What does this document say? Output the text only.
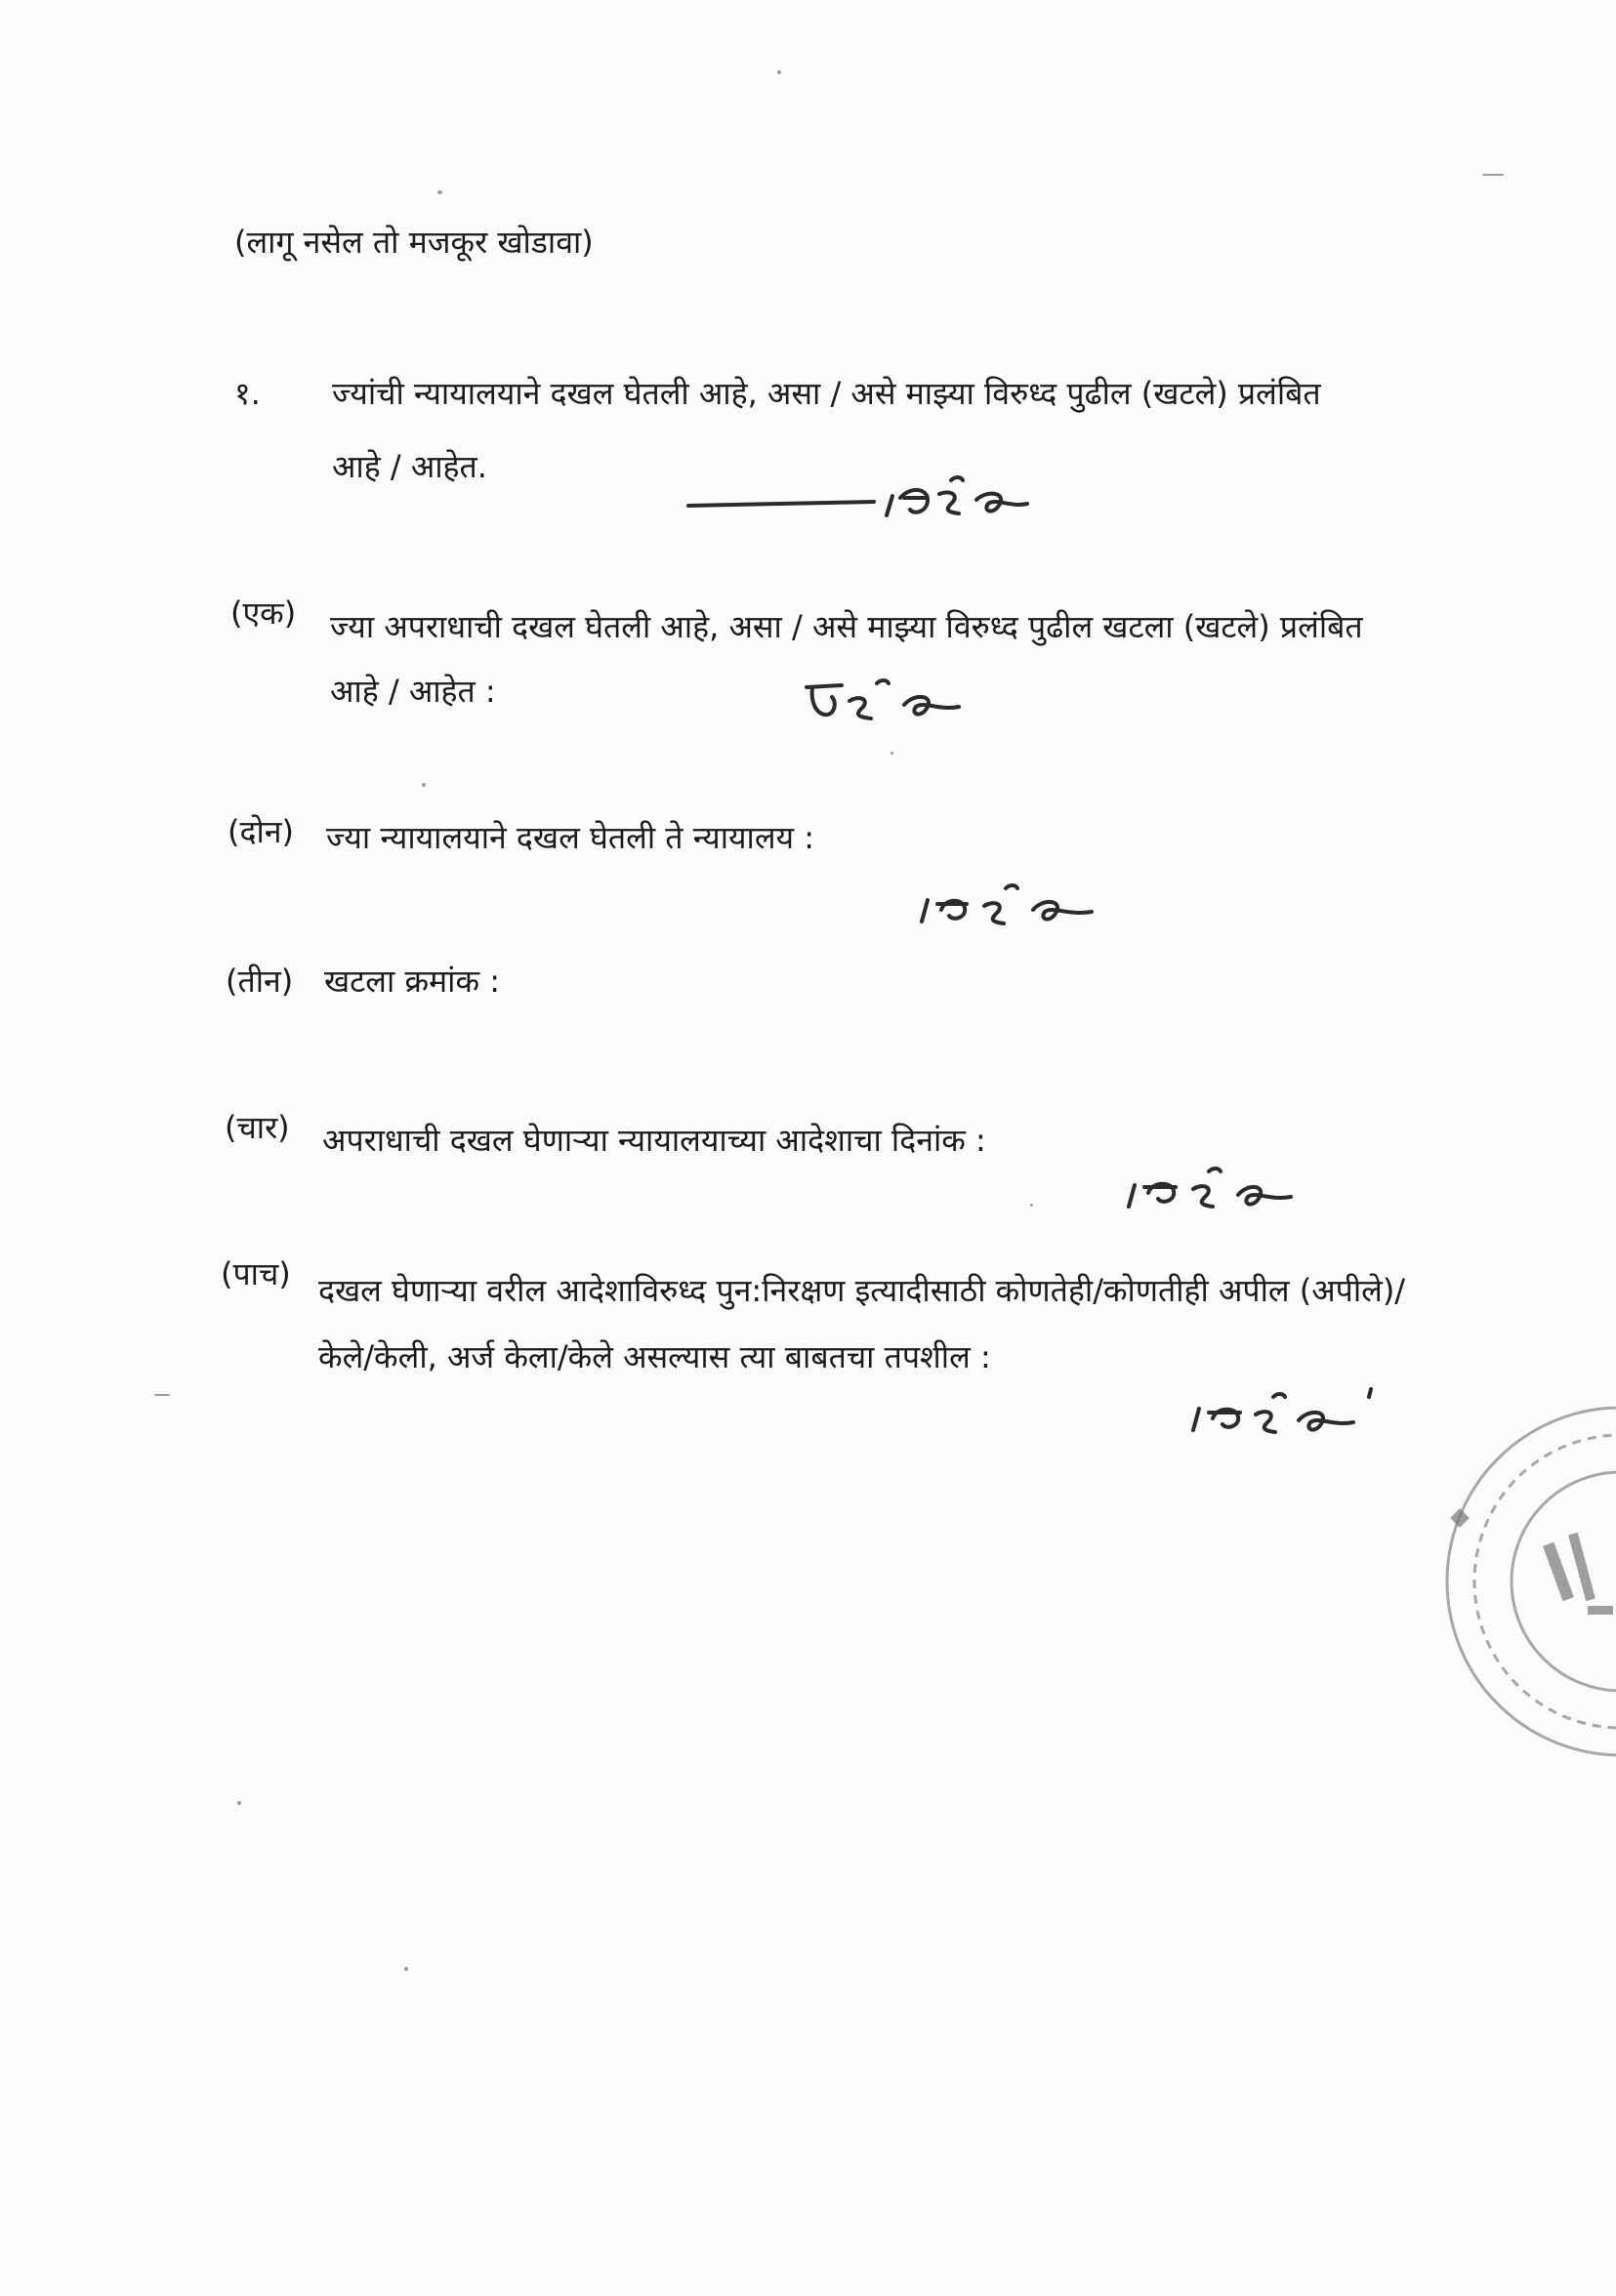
(लागू नसेल तो मजकूर खोडावा)
१. ज्यांची न्यायालयाने दखल घेतली आहे, असा / असे माझ्या विरुध्द पुढील (खटले) प्रलंबित
आहे / आहेत.
(एक) ज्या अपराधाची दखल घेतली आहे, असा / असे माझ्या विरुध्द पुढील खटला (खटले) प्रलंबित
आहे / आहेत :
(दोन) ज्या न्यायालयाने दखल घेतली ते न्यायालय :
(तीन) खटला क्रमांक :
(चार) अपराधाची दखल घेणाऱ्या न्यायालयाच्या आदेशाचा दिनांक :
(पाच) दखल घेणाऱ्या वरील आदेशाविरुध्द पुन:निरक्षण इत्यादीसाठी कोणतेही/कोणतीही अपील (अपीले)/
केले/केली, अर्ज केला/केले असल्यास त्या बाबतचा तपशील :
